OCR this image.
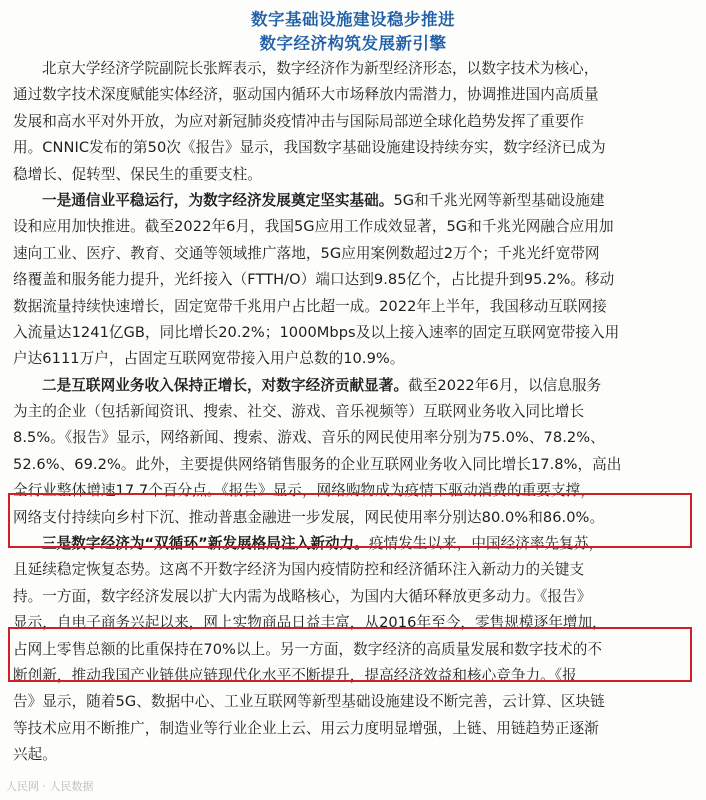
数字基础设施建设稳步推进
数字经济构筑发展新引擎
北京大学经济学院副院长张辉表示，数字经济作为新型经济形态，以数字技术为核心，
通过数字技术深度赋能实体经济，驱动国内循环大市场释放内需潜力，协调推进国内高质量
发展和高水平对外开放，为应对新冠肺炎疫情冲击与国际局部逆全球化趋势发挥了重要作
用。CNNIC发布的第50次《报告》显示，我国数字基础设施建设持续夯实，数字经济已成为
稳增长、促转型、保民生的重要支柱。
一是通信业平稳运行，为数字经济发展奠定坚实基础。5G和千兆光网等新型基础设施建
设和应用加快推进。截至2022年6月，我国5G应用工作成效显著，5G和千兆光网融合应用加
速向工业、医疗、教育、交通等领域推广落地，5G应用案例数超过2万个；千兆光纤宽带网
络覆盖和服务能力提升，光纤接入（FTTH/O）端口达到9.85亿个，占比提升到95.2%。移动
数据流量持续快速增长，固定宽带千兆用户占比超一成。2022年上半年，我国移动互联网接
入流量达1241亿GB，同比增长20.2%；1000Mbps及以上接入速率的固定互联网宽带接入用
户达6111万户，占固定互联网宽带接入用户总数的10.9%。
二是互联网业务收入保持正增长，对数字经济贡献显著。截至2022年6月，以信息服务
为主的企业（包括新闻资讯、搜索、社交、游戏、音乐视频等）互联网业务收入同比增长
8.5%。《报告》显示，网络新闻、搜索、游戏、音乐的网民使用率分别为75.0%、78.2%、
52.6%、69.2%。此外，主要提供网络销售服务的企业互联网业务收入同比增长17.8%，高出
全行业整体增速17.7个百分点。《报告》显示，网络购物成为疫情下驱动消费的重要支撑，
网络支付持续向乡村下沉、推动普惠金融进一步发展，网民使用率分别达80.0%和86.0%。
三是数字经济为“双循环”新发展格局注入新动力。疫情发生以来，中国经济率先复苏，
且延续稳定恢复态势。这离不开数字经济为国内疫情防控和经济循环注入新动力的关键支
持。一方面，数字经济发展以扩大内需为战略核心，为国内大循环释放更多动力。《报告》
显示，自电子商务兴起以来，网上实物商品日益丰富，从2016年至今，零售规模逐年增加，
占网上零售总额的比重保持在70%以上。另一方面，数字经济的高质量发展和数字技术的不
断创新，推动我国产业链供应链现代化水平不断提升，提高经济效益和核心竞争力。《报
告》显示，随着5G、数据中心、工业互联网等新型基础设施建设不断完善，云计算、区块链
等技术应用不断推广，制造业等行业企业上云、用云力度明显增强，上链、用链趋势正逐渐
兴起。
人民网 · 人民数据
